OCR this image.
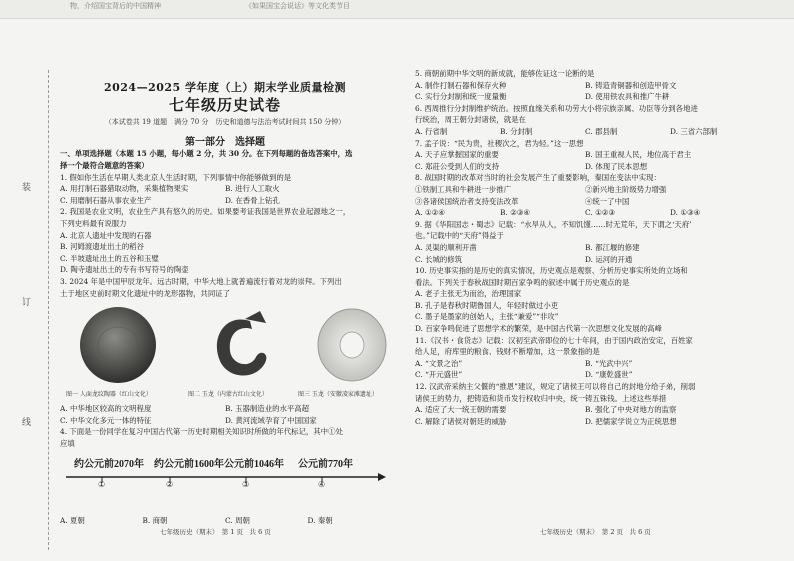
物，介绍国宝背后的中国精神	《如果国宝会说话》等文化类节目
装
订
线
2024—2025 学年度（上）期末学业质量检测
七年级历史试卷
（本试卷共 19 道题　满分 70 分　历史和道德与法治考试时间共 150 分钟）
第一部分　选择题
一、单项选择题（本题 15 小题，每小题 2 分，共 30 分。在下列每题的备选答案中，选
择一个最符合题意的答案）
1. 假如你生活在早期人类北京人生活时期，下列事情中你能够做到的是
A. 用打制石器猎取动物，采集植物果实	B. 进行人工取火
C. 用磨制石器从事农业生产	D. 在香骨上钻孔
2. 我国是农业文明，农业生产具有悠久的历史。如果要考证我国是世界农业起源地之一，
下列史料最有说服力
A. 北京人遗址中发现的石器
B. 河姆渡遗址出土的稻谷
C. 半坡遗址出土的五谷和玉璧
D. 陶寺遗址出土的专有书写符号的陶壶
3. 2024 年是中国甲辰龙年。远古时期，中华大地上就普遍流行着对龙的崇拜。下列出
土于地区史前时期文化遗址中的龙形器物，共同证了
图一 人面龙纹陶器（红山文化）	图二 玉龙（内蒙古红山文化）	图三 玉龙（安徽凌家滩遗址）
A. 中华地区较高的文明程度	B. 玉器制造业的水平高超
C. 中华文化多元一体的特征	D. 黄河流域孕育了中国国家
4. 下面是一份同学在复习中国古代第一历史时期相关知识时所做的年代标记，其中①处
应填
约公元前2070年 约公元前1600年 公元前1046年 公元前770年
①	②	③	④
A. 夏朝	B. 商朝	C. 周朝	D. 秦朝
七年级历史（期末）　第 1 页　共 6 页
5. 商朝前期中华文明的新成就，能够佐证这一论断的是
A. 制作打制石器和保存火种	B. 铸造青铜器和创造甲骨文
C. 实行分封制和统一度量衡	D. 使用铁农具和推广牛耕
6. 西周推行分封制维护统治。按照血缘关系和功劳大小将宗族亲属、功臣等分到各地进
行统治，周王朝分封诸侯，就是在
A. 行省制	B. 分封制	C. 郡县制	D. 三省六部制
7. 孟子说：“民为贵，社稷次之，君为轻。”这一思想
A. 天子应掌握国家的重要	B. 国王重视人民，地位高于君主
C. 郑莊公受到人们的支持	D. 体现了民本思想
8. 战国时期的改革对当时的社会发展产生了重要影响，秦国在变法中实现：
①铁制工具和牛耕进一步推广	②新兴地主阶级势力增强
③各诸侯国统治者支持变法改革	④统一了中国
A. ①②④	B. ②③④	C. ①②③	D. ①③④
9. 据《华阳国志・蜀志》记载：“水旱从人，不知饥馑……时无荒年，天下谓之‘天府’
也。”记载中的“天府”得益于
A. 灵渠的顺利开凿	B. 都江堰的修建
C. 长城的修筑	D. 运河的开通
10. 历史事实指的是历史的真实情况，历史观点是观察、分析历史事实所处的立场和
看法。下列关于春秋战国时期百家争鸣的叙述中属于历史观点的是
A. 老子主张无为而治，治理国家
B. 孔子是春秋时期鲁国人，年轻时做过小吏
C. 墨子是墨家的创始人，主张“兼爱”“非攻”
D. 百家争鸣促进了思想学术的繁荣，是中国古代第一次思想文化发展的高峰
11.《汉书・食货志》记载：汉初至武帝即位的七十年间，由于国内政治安定，百姓家
给人足，府库里的粮食、钱财不断增加，这一景象指的是
A. “文景之治”	B. “光武中兴”
C. “开元盛世”	D. “康乾盛世”
12. 汉武帝采纳主父偃的“推恩”建议，规定了诸侯王可以将自己的封地分给子弟，削弱
诸侯王的势力，把铸造和货币发行权收归中央，统一铸五铢钱。上述这些举措
A. 适应了大一统王朝的需要	B. 强化了中央对地方的监察
C. 解除了诸侯对朝廷的威胁	D. 把儒家学说立为正统思想
七年级历史（期末）　第 2 页　共 6 页
